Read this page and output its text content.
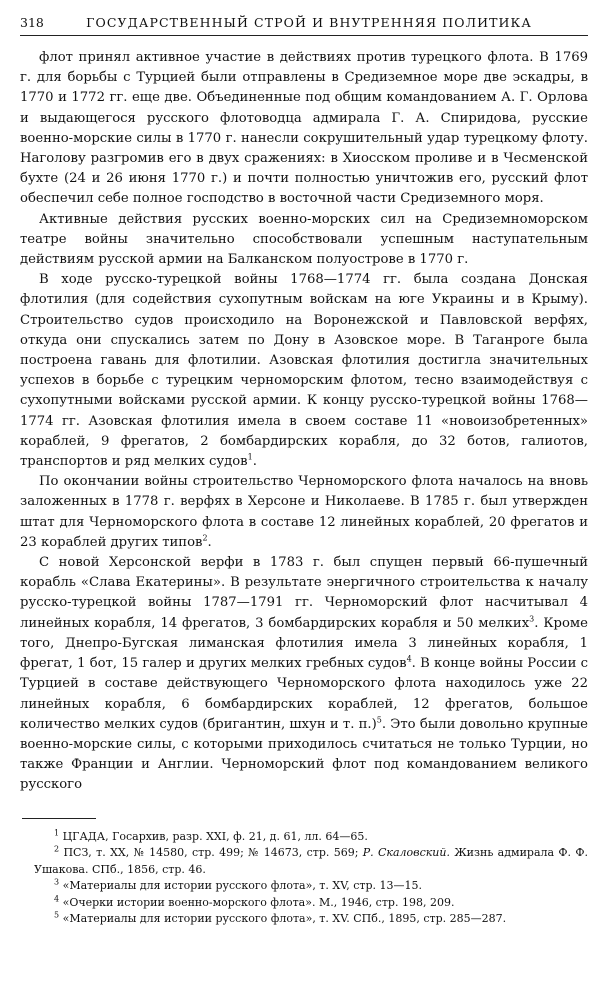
318	ГОСУДАРСТВЕННЫЙ СТРОЙ И ВНУТРЕННЯЯ ПОЛИТИКА

флот принял активное участие в действиях против турецкого флота. В 1769 г. для борьбы с Турцией были отправлены в Средиземное море две эскадры, в 1770 и 1772 гг. еще две. Объединенные под общим командованием А. Г. Орлова и выдающегося русского флотоводца адмирала Г. А. Спиридова, русские военно-морские силы в 1770 г. нанесли сокрушительный удар турецкому флоту. Наголову разгромив его в двух сражениях: в Хиосском проливе и в Чесменской бухте (24 и 26 июня 1770 г.) и почти полностью уничтожив его, русский флот обеспечил себе полное господство в восточной части Средиземного моря.

Активные действия русских военно-морских сил на Средиземноморском театре войны значительно способствовали успешным наступательным действиям русской армии на Балканском полуострове в 1770 г.

В ходе русско-турецкой войны 1768—1774 гг. была создана Донская флотилия (для содействия сухопутным войскам на юге Украины и в Крыму). Строительство судов происходило на Воронежской и Павловской верфях, откуда они спускались затем по Дону в Азовское море. В Таганроге была построена гавань для флотилии. Азовская флотилия достигла значительных успехов в борьбе с турецким черноморским флотом, тесно взаимодействуя с сухопутными войсками русской армии. К концу русско-турецкой войны 1768—1774 гг. Азовская флотилия имела в своем составе 11 «новоизобретенных» кораблей, 9 фрегатов, 2 бомбардирских корабля, до 32 ботов, галиотов, транспортов и ряд мелких судов$^1$.

По окончании войны строительство Черноморского флота началось на вновь заложенных в 1778 г. верфях в Херсоне и Николаеве. В 1785 г. был утвержден штат для Черноморского флота в составе 12 линейных кораблей, 20 фрегатов и 23 кораблей других типов$^2$.

С новой Херсонской верфи в 1783 г. был спущен первый 66-пушечный корабль «Слава Екатерины». В результате энергичного строительства к началу русско-турецкой войны 1787—1791 гг. Черноморский флот насчитывал 4 линейных корабля, 14 фрегатов, 3 бомбардирских корабля и 50 мелких$^3$. Кроме того, Днепро-Бугская лиманская флотилия имела 3 линейных корабля, 1 фрегат, 1 бот, 15 галер и других мелких гребных судов$^4$. В конце войны России с Турцией в составе действующего Черноморского флота находилось уже 22 линейных корабля, 6 бомбардирских кораблей, 12 фрегатов, большое количество мелких судов (бригантин, шхун и т. п.)$^5$. Это были довольно крупные военно-морские силы, с которыми приходилось считаться не только Турции, но также Франции и Англии. Черноморский флот под командованием великого русского

$^1$ ЦГАДА, Госархив, разр. XXI, ф. 21, д. 61, лл. 64—65.

$^2$ ПСЗ, т. XX, № 14580, стр. 499; № 14673, стр. 569; Р. Скаловский. Жизнь адмирала Ф. Ф. Ушакова. СПб., 1856, стр. 46.

$^3$ «Материалы для истории русского флота», т. XV, стр. 13—15.

$^4$ «Очерки истории военно-морского флота». М., 1946, стр. 198, 209.

$^5$ «Материалы для истории русского флота», т. XV. СПб., 1895, стр. 285—287.
